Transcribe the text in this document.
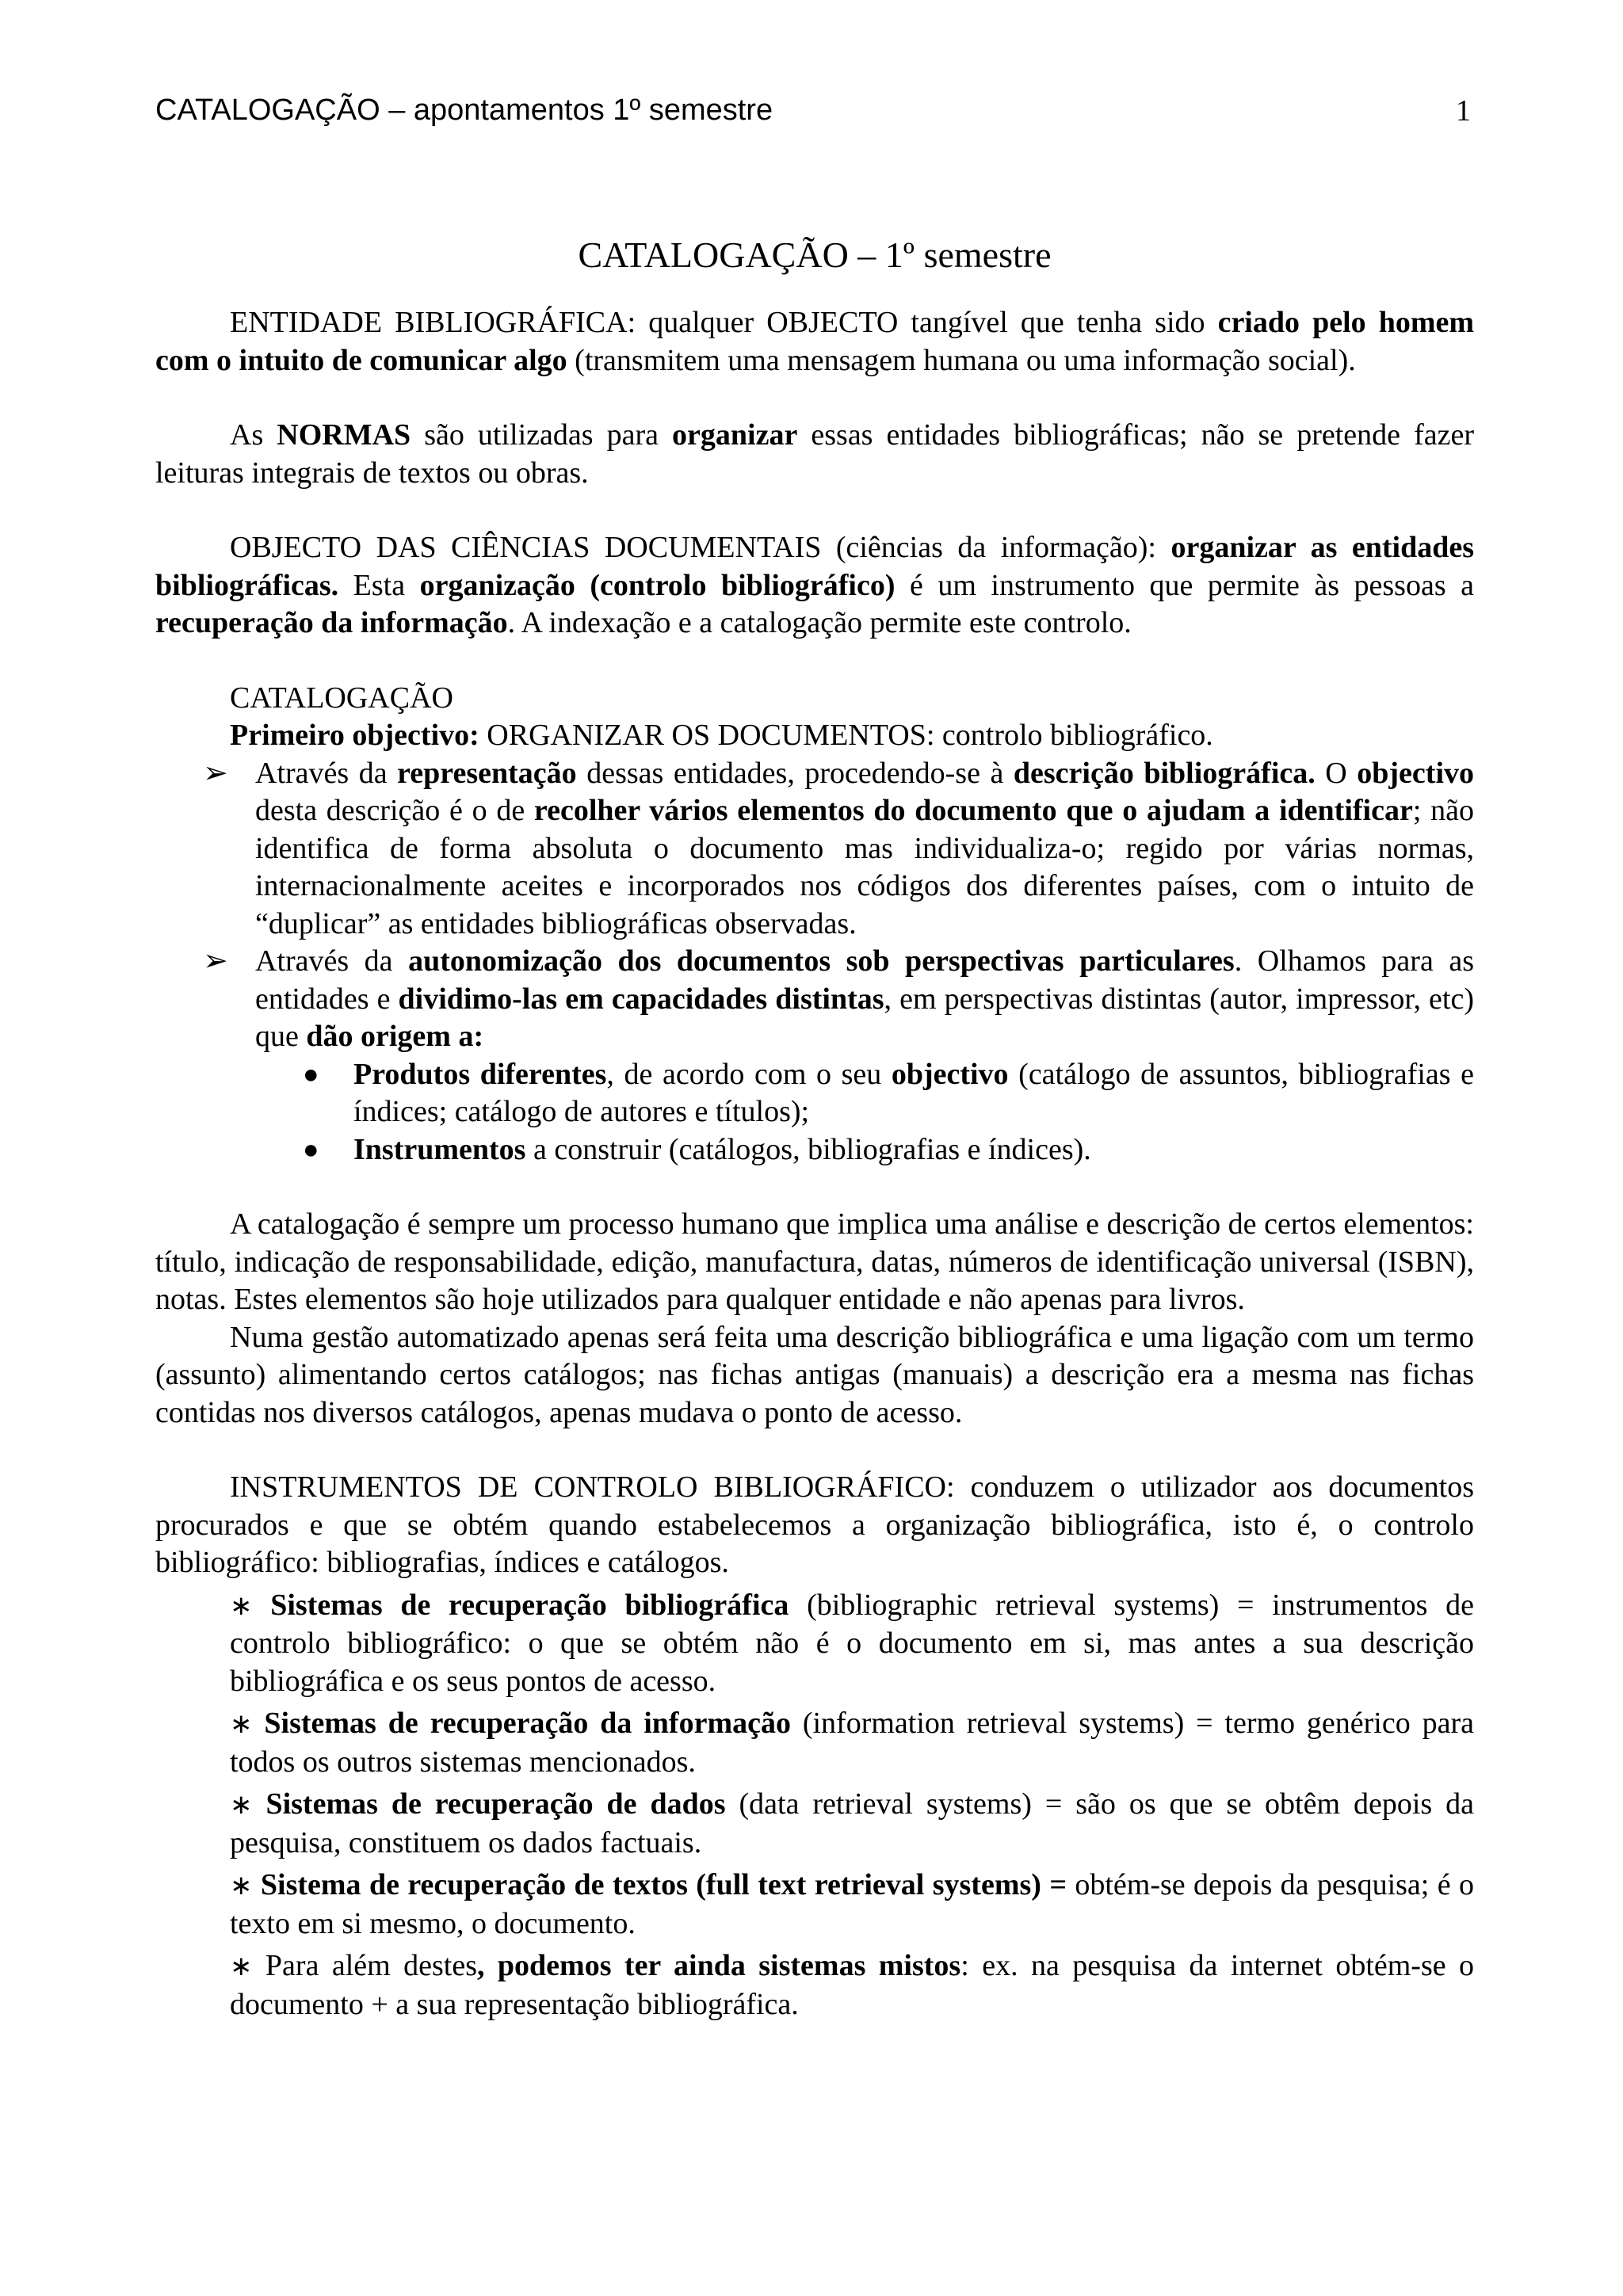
CATALOGAÇÃO – apontamentos 1º semestre	1
CATALOGAÇÃO – 1º semestre

ENTIDADE BIBLIOGRÁFICA: qualquer OBJECTO tangível que tenha sido criado pelo homem com o intuito de comunicar algo (transmitem uma mensagem humana ou uma informação social).

As NORMAS são utilizadas para organizar essas entidades bibliográficas; não se pretende fazer leituras integrais de textos ou obras.

OBJECTO DAS CIÊNCIAS DOCUMENTAIS (ciências da informação): organizar as entidades bibliográficas. Esta organização (controlo bibliográfico) é um instrumento que permite às pessoas a recuperação da informação. A indexação e a catalogação permite este controlo.

CATALOGAÇÃO
Primeiro objectivo: ORGANIZAR OS DOCUMENTOS: controlo bibliográfico.
➢ Através da representação dessas entidades, procedendo-se à descrição bibliográfica. O objectivo desta descrição é o de recolher vários elementos do documento que o ajudam a identificar; não identifica de forma absoluta o documento mas individualiza-o; regido por várias normas, internacionalmente aceites e incorporados nos códigos dos diferentes países, com o intuito de “duplicar” as entidades bibliográficas observadas.
➢ Através da autonomização dos documentos sob perspectivas particulares. Olhamos para as entidades e dividimo-las em capacidades distintas, em perspectivas distintas (autor, impressor, etc) que dão origem a:
● Produtos diferentes, de acordo com o seu objectivo (catálogo de assuntos, bibliografias e índices; catálogo de autores e títulos);
● Instrumentos a construir (catálogos, bibliografias e índices).

A catalogação é sempre um processo humano que implica uma análise e descrição de certos elementos: título, indicação de responsabilidade, edição, manufactura, datas, números de identificação universal (ISBN), notas. Estes elementos são hoje utilizados para qualquer entidade e não apenas para livros.

Numa gestão automatizado apenas será feita uma descrição bibliográfica e uma ligação com um termo (assunto) alimentando certos catálogos; nas fichas antigas (manuais) a descrição era a mesma nas fichas contidas nos diversos catálogos, apenas mudava o ponto de acesso.

INSTRUMENTOS DE CONTROLO BIBLIOGRÁFICO: conduzem o utilizador aos documentos procurados e que se obtém quando estabelecemos a organização bibliográfica, isto é, o controlo bibliográfico: bibliografias, índices e catálogos.

∗ Sistemas de recuperação bibliográfica (bibliographic retrieval systems) = instrumentos de controlo bibliográfico: o que se obtém não é o documento em si, mas antes a sua descrição bibliográfica e os seus pontos de acesso.
∗ Sistemas de recuperação da informação (information retrieval systems) = termo genérico para todos os outros sistemas mencionados.
∗ Sistemas de recuperação de dados (data retrieval systems) = são os que se obtêm depois da pesquisa, constituem os dados factuais.
∗ Sistema de recuperação de textos (full text retrieval systems) = obtém-se depois da pesquisa; é o texto em si mesmo, o documento.
∗ Para além destes, podemos ter ainda sistemas mistos: ex. na pesquisa da internet obtém-se o documento + a sua representação bibliográfica.
